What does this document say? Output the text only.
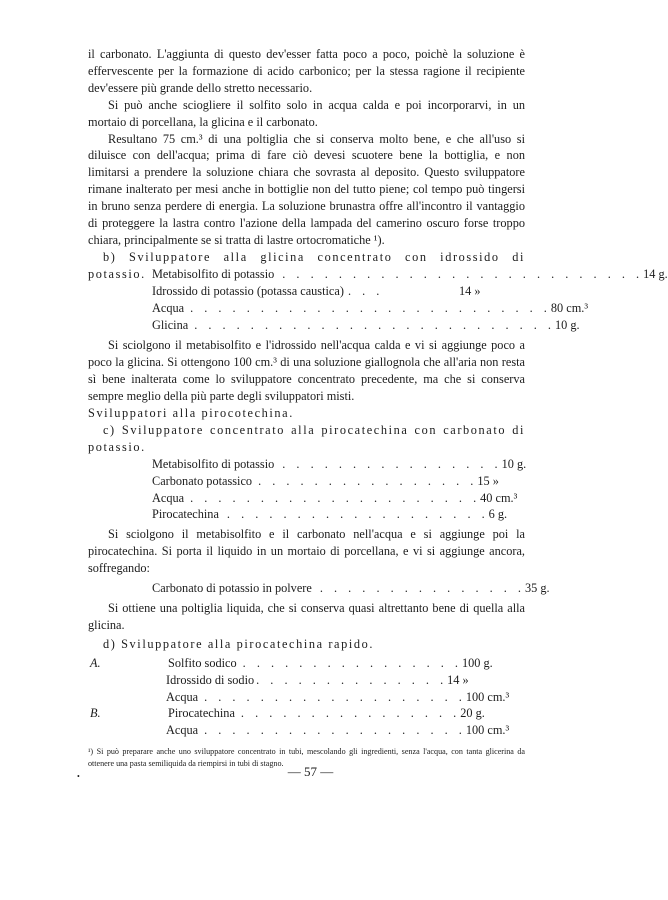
il carbonato. L'aggiunta di questo dev'esser fatta poco a poco, poichè la soluzione è effervescente per la formazione di acido carbonico; per la stessa ragione il recipiente dev'essere più grande dello stretto necessario.

Si può anche sciogliere il solfito solo in acqua calda e poi incorporarvi, in un mortaio di porcellana, la glicina e il carbonato.

Resultano 75 cm.³ di una poltiglia che si conserva molto bene, e che all'uso si diluisce con dell'acqua; prima di fare ciò devesi scuotere bene la bottiglia, e non limitarsi a prendere la soluzione chiara che sovrasta al deposito. Questo sviluppatore rimane inalterato per mesi anche in bottiglie non del tutto piene; col tempo può tingersi in bruno senza perdere di energia. La soluzione brunastra offre all'incontro il vantaggio di proteggere la lastra contro l'azione della lampada del camerino oscuro forse troppo chiara, principalmente se si tratta di lastre ortocromatiche ¹).

b) Sviluppatore alla glicina concentrato con idrossido di potassio. Metabisolfito di potassio . . . . . . . . . . . . . . . . . . . . . . . . . . 14 g.
Idrossido di potassio (potassa caustica) . . .	14 »
Acqua . . . . . . . . . . . . . . . . . . . . . . . . . . 80 cm.³
Glicina . . . . . . . . . . . . . . . . . . . . . . . . . . 10 g.

Si sciolgono il metabisolfito e l'idrossido nell'acqua calda e vi si aggiunge poco a poco la glicina. Si ottengono 100 cm.³ di una soluzione giallognola che all'aria non resta sì bene inalterata come lo sviluppatore concentrato precedente, ma che si conserva sempre meglio della più parte degli sviluppatori misti.

Sviluppatori alla pirocotechina.

c) Sviluppatore concentrato alla pirocatechina con carbonato di potassio.

Metabisolfito di potassio . . . . . . . . . . . . . . . . 10 g.
Carbonato potassico . . . . . . . . . . . . . . . . 15 »
Acqua . . . . . . . . . . . . . . . . . . . . . 40 cm.³
Pirocatechina . . . . . . . . . . . . . . . . . . . 6 g.

Si sciolgono il metabisolfito e il carbonato nell'acqua e si aggiunge poi la pirocatechina. Si porta il liquido in un mortaio di porcellana, e vi si aggiunge ancora, soffregando:

Carbonato di potassio in polvere . . . . . . . . . . . . . . . 35 g.

Si ottiene una poltiglia liquida, che si conserva quasi altrettanto bene di quella alla glicina.

d) Sviluppatore alla pirocatechina rapido.

A.	Solfito sodico . . . . . . . . . . . . . . . . 100 g.
Idrossido di sodio . . . . . . . . . . . . . . 14 »
Acqua . . . . . . . . . . . . . . . . . . . 100 cm.³
B.	Pirocatechina . . . . . . . . . . . . . . . . 20 g.
Acqua . . . . . . . . . . . . . . . . . . . 100 cm.³

¹) Si può preparare anche uno sviluppatore concentrato in tubi, mescolando gli ingredienti, senza l'acqua, con tanta glicerina da ottenere una pasta semiliquida da riempirsi in tubi di stagno.

•	— 57 —
